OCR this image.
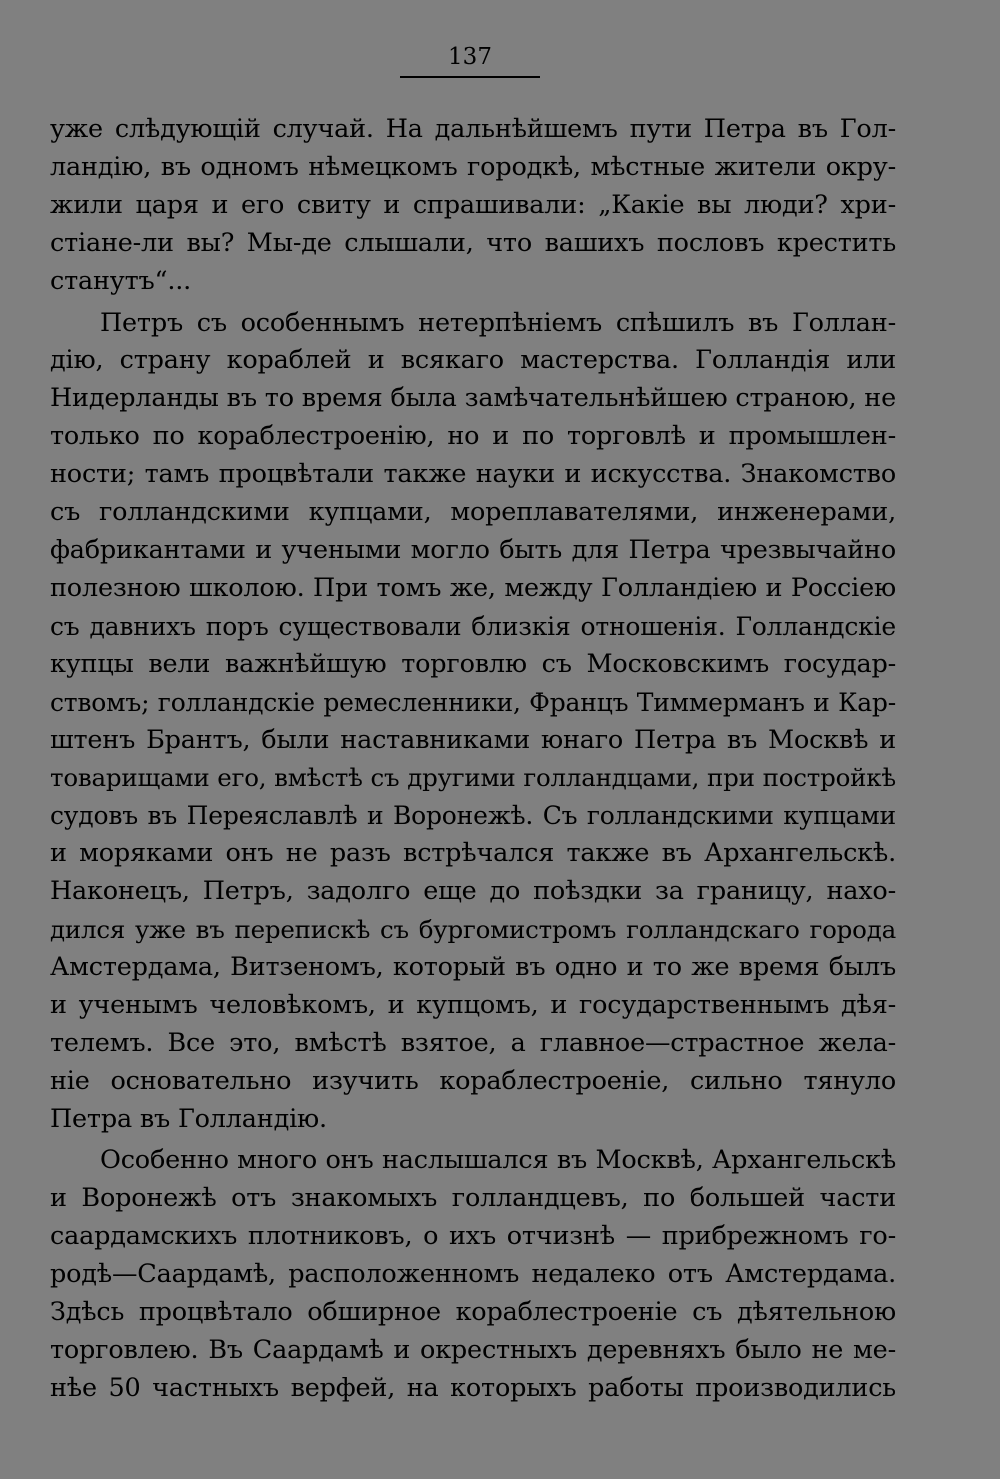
137
уже слѣдующій случай. На дальнѣйшемъ пути Петра въ Гол-
ландію, въ одномъ нѣмецкомъ городкѣ, мѣстные жители окру-
жили царя и его свиту и спрашивали: „Какіе вы люди? хри-
стіане-ли вы? Мы-де слышали, что вашихъ пословъ крестить
станутъ“...
Петръ съ особеннымъ нетерпѣніемъ спѣшилъ въ Голлан-
дію, страну кораблей и всякаго мастерства. Голландія или
Нидерланды въ то время была замѣчательнѣйшею страною, не
только по кораблестроенію, но и по торговлѣ и промышлен-
ности; тамъ процвѣтали также науки и искусства. Знакомство
съ голландскими купцами, мореплавателями, инженерами,
фабрикантами и учеными могло быть для Петра чрезвычайно
полезною школою. При томъ же, между Голландіею и Россіею
съ давнихъ поръ существовали близкія отношенія. Голландскіе
купцы вели важнѣйшую торговлю съ Московскимъ государ-
ствомъ; голландскіе ремесленники, Францъ Тиммерманъ и Кар-
штенъ Брантъ, были наставниками юнаго Петра въ Москвѣ и
товарищами его, вмѣстѣ съ другими голландцами, при постройкѣ
судовъ въ Переяславлѣ и Воронежѣ. Съ голландскими купцами
и моряками онъ не разъ встрѣчался также въ Архангельскѣ.
Наконецъ, Петръ, задолго еще до поѣздки за границу, нахо-
дился уже въ перепискѣ съ бургомистромъ голландскаго города
Амстердама, Витзеномъ, который въ одно и то же время былъ
и ученымъ человѣкомъ, и купцомъ, и государственнымъ дѣя-
телемъ. Все это, вмѣстѣ взятое, а главное—страстное жела-
ніе основательно изучить кораблестроеніе, сильно тянуло
Петра въ Голландію.
Особенно много онъ наслышался въ Москвѣ, Архангельскѣ
и Воронежѣ отъ знакомыхъ голландцевъ, по большей части
саардамскихъ плотниковъ, о ихъ отчизнѣ — прибрежномъ го-
родѣ—Саардамѣ, расположенномъ недалеко отъ Амстердама.
Здѣсь процвѣтало обширное кораблестроеніе съ дѣятельною
торговлею. Въ Саардамѣ и окрестныхъ деревняхъ было не ме-
нѣе 50 частныхъ верфей, на которыхъ работы производились
